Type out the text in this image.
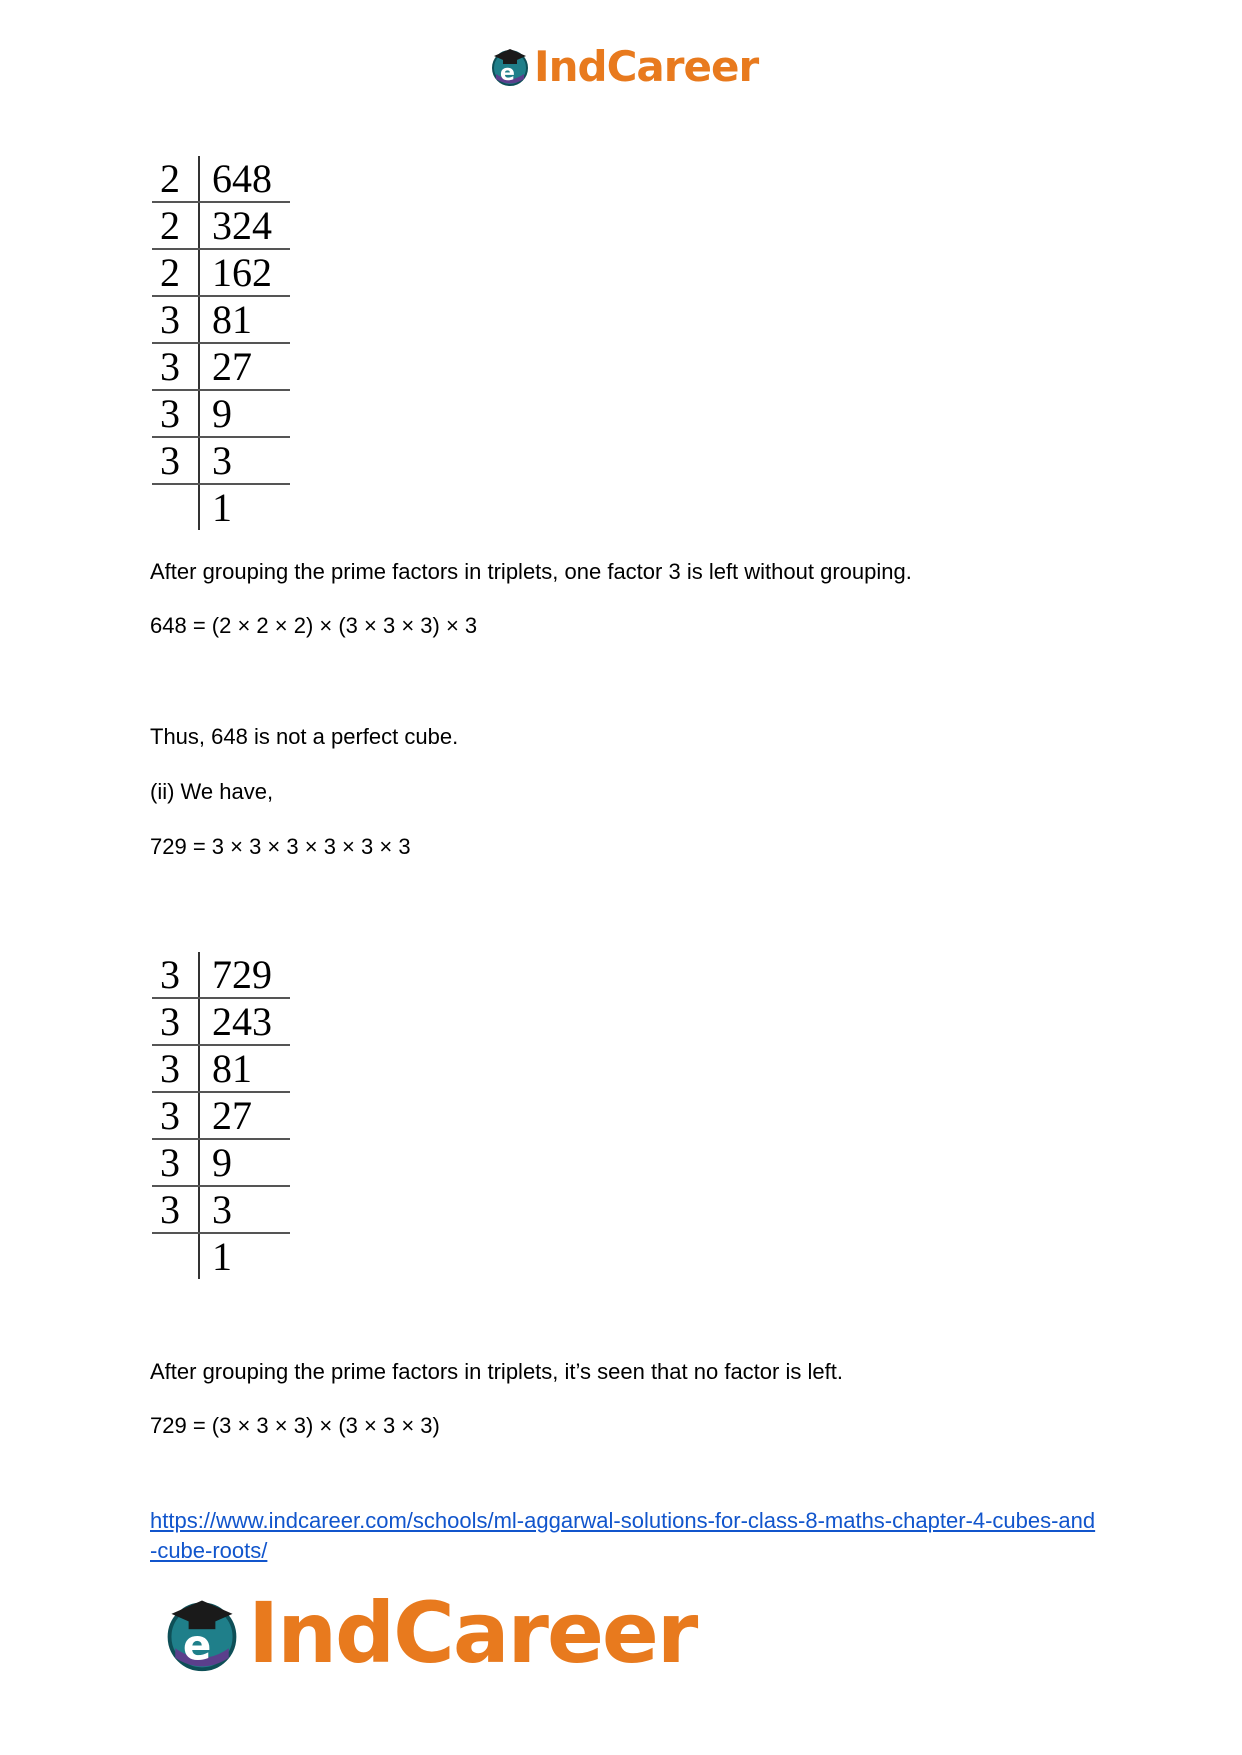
e IndCareer
2	648
2	324
2	162
3	81
3	27
3	9
3	3
	1

After grouping the prime factors in triplets, one factor 3 is left without grouping.

648 = (2 × 2 × 2) × (3 × 3 × 3) × 3

Thus, 648 is not a perfect cube.

(ii) We have,

729 = 3 × 3 × 3 × 3 × 3 × 3

3	729
3	243
3	81
3	27
3	9
3	3
	1

After grouping the prime factors in triplets, it’s seen that no factor is left.

729 = (3 × 3 × 3) × (3 × 3 × 3)

https://www.indcareer.com/schools/ml-aggarwal-solutions-for-class-8-maths-chapter-4-cubes-and-cube-roots/
e IndCareer
